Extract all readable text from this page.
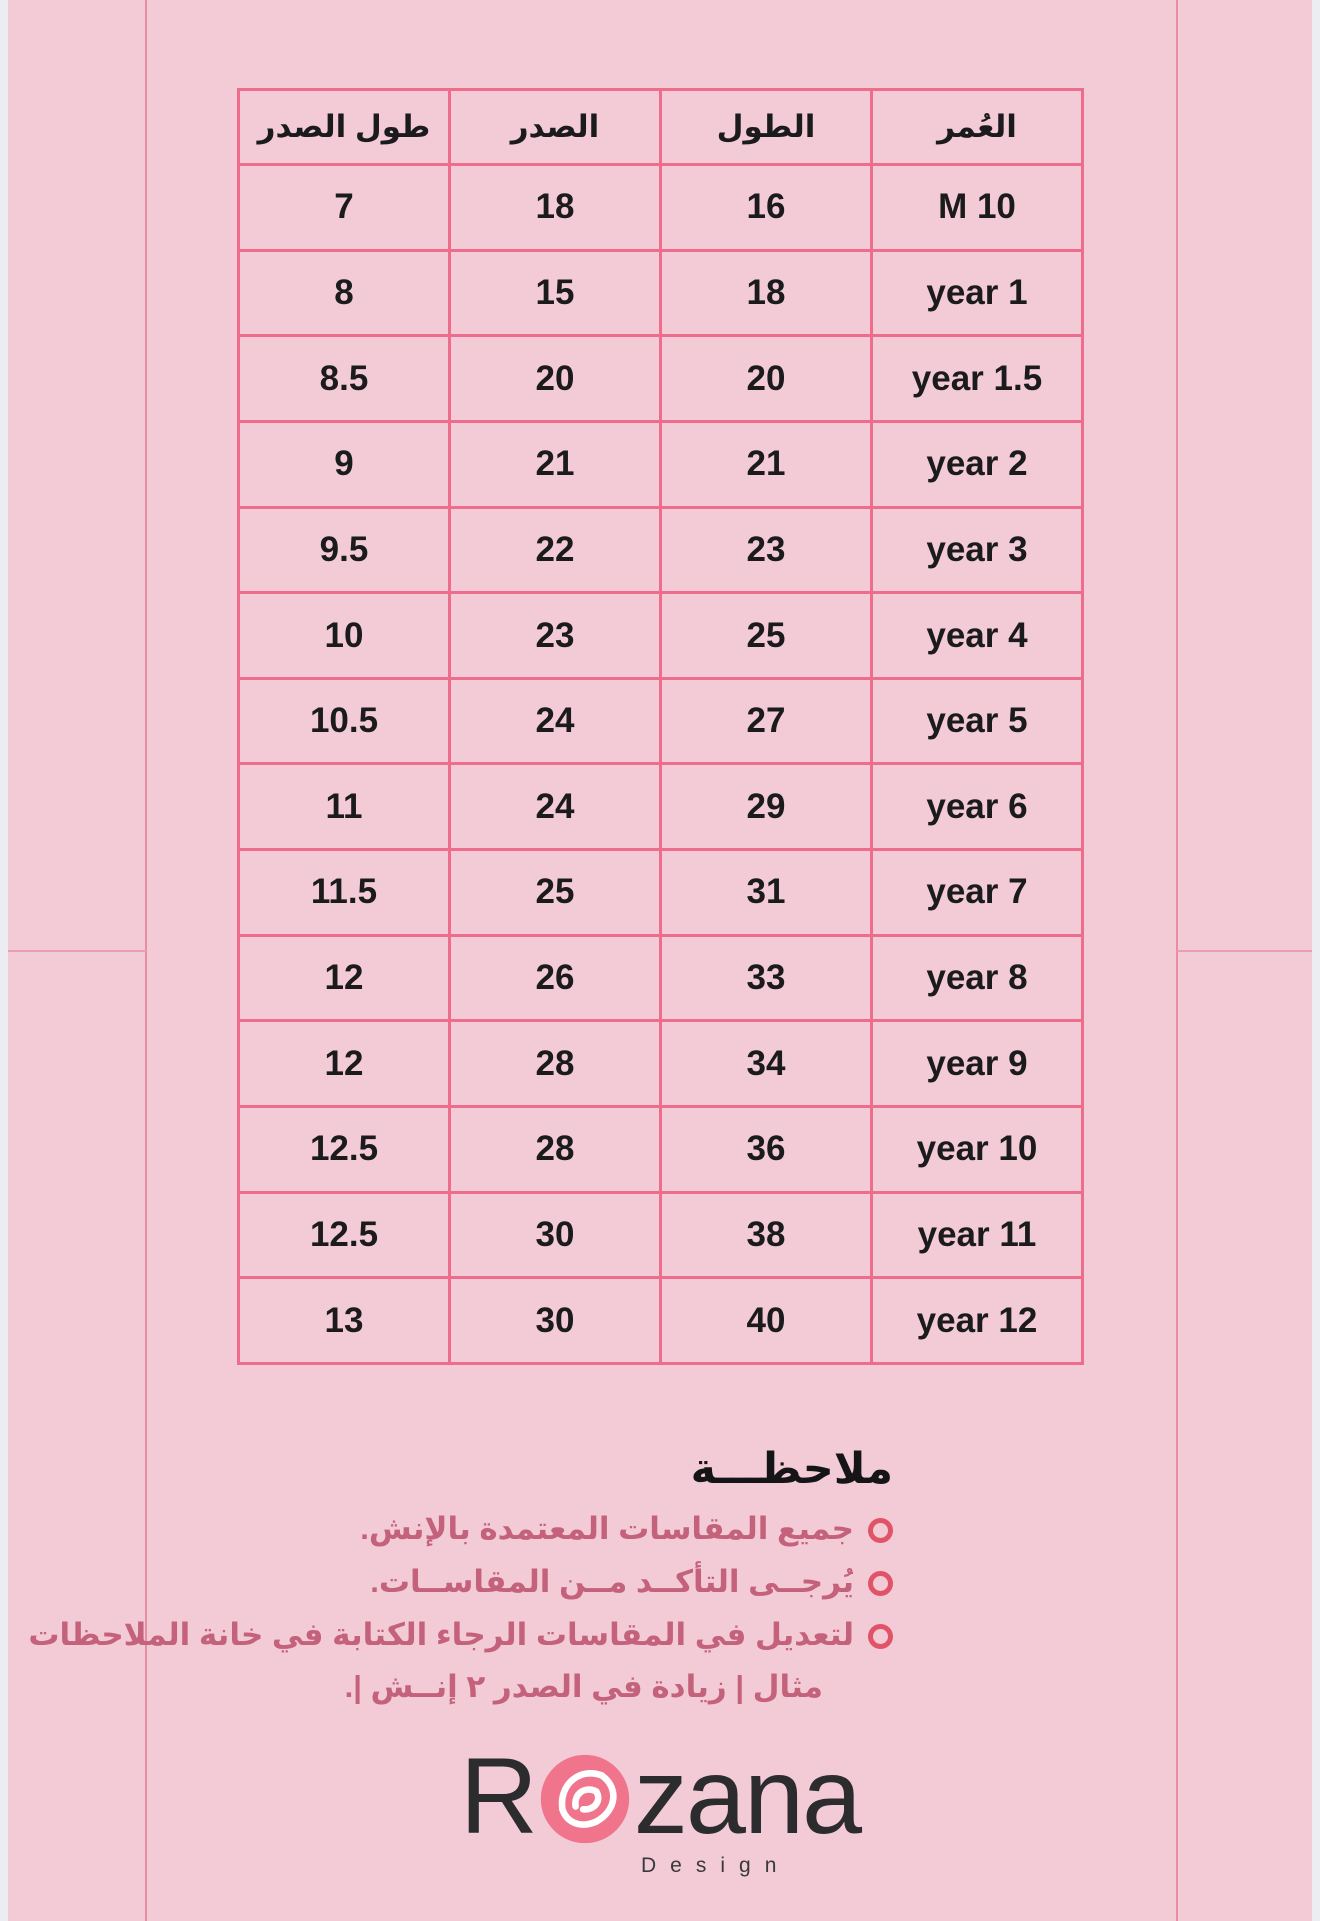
العُمر	الطول	الصدر	طول الصدر
10 M	16	18	7
1 year	18	15	8
1.5 year	20	20	8.5
2 year	21	21	9
3 year	23	22	9.5
4 year	25	23	10
5 year	27	24	10.5
6 year	29	24	11
7 year	31	25	11.5
8 year	33	26	12
9 year	34	28	12
10 year	36	28	12.5
11 year	38	30	12.5
12 year	40	30	13
ملاحظـــة
جميع المقاسات المعتمدة بالإنش.
يُرجــى التأكــد مــن المقاســات.
لتعديل في المقاسات الرجاء الكتابة في خانة الملاحظات
مثال | زيادة في الصدر ٢ إنــش |.
R zana
Design
